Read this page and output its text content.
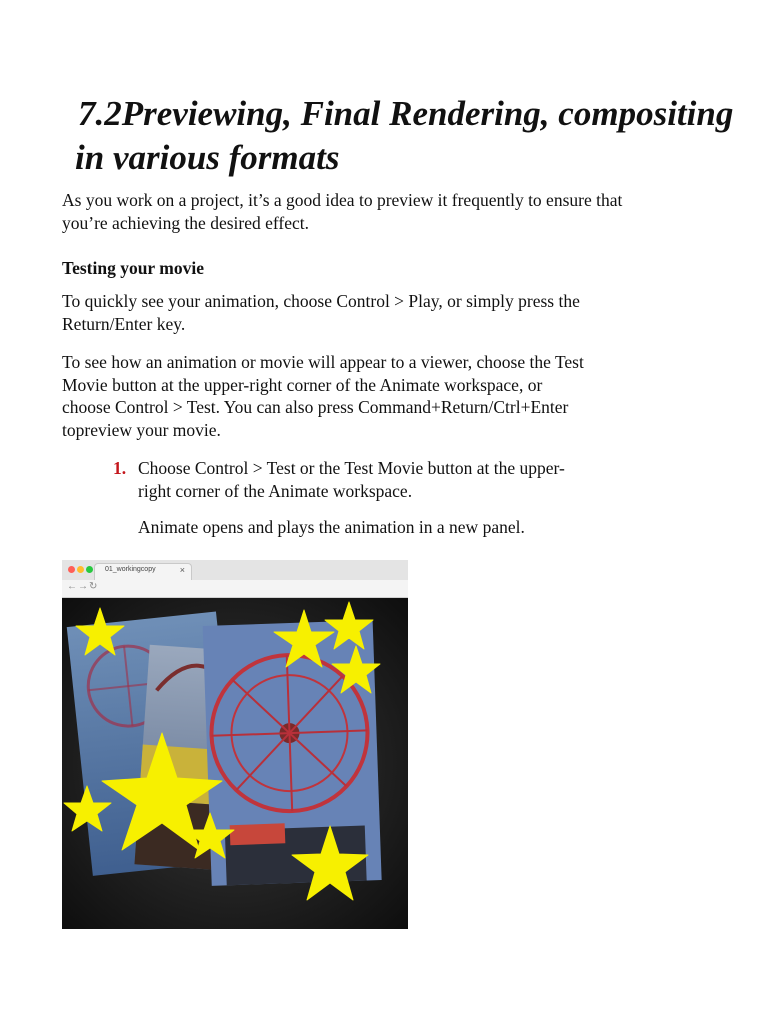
7.2Previewing, Final Rendering, compositing
in various formats

As you work on a project, it’s a good idea to preview it frequently to ensure that
you’re achieving the desired effect.

Testing your movie

To quickly see your animation, choose Control > Play, or simply press the
Return/Enter key.

To see how an animation or movie will appear to a viewer, choose the Test
Movie button at the upper-right corner of the Animate workspace, or
choose Control > Test. You can also press Command+Return/Ctrl+Enter
topreview your movie.

1. Choose Control > Test or the Test Movie button at the upper-
right corner of the Animate workspace.

Animate opens and plays the animation in a new panel.

01_workingcopy	×
← → ↻
